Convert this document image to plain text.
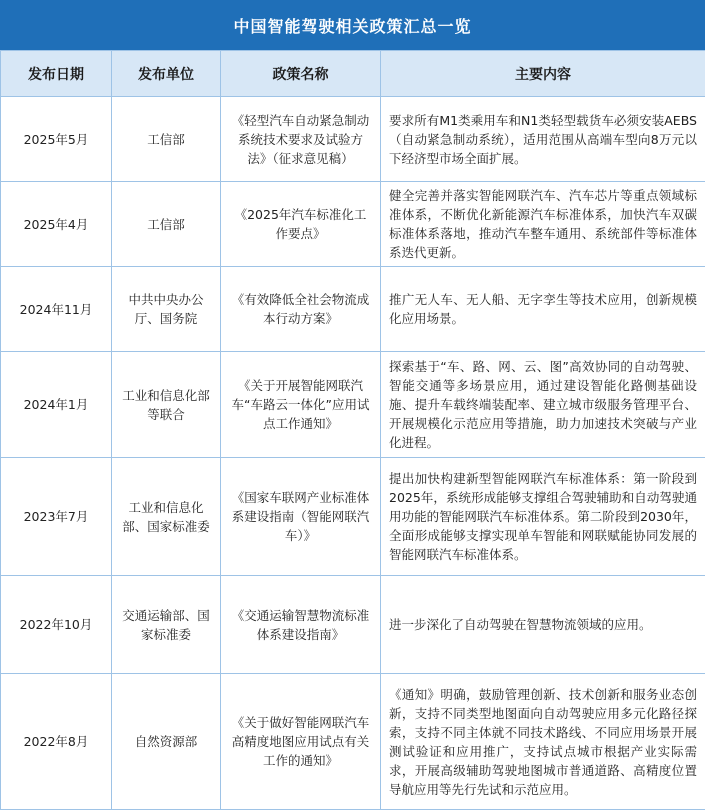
中国智能驾驶相关政策汇总一览
发布日期	发布单位	政策名称	主要内容
2025年5月	工信部	《轻型汽车自动紧急制动系统技术要求及试验方法》（征求意见稿）	要求所有M1类乘用车和N1类轻型载货车必须安装AEBS（自动紧急制动系统），适用范围从高端车型向8万元以下经济型市场全面扩展。
2025年4月	工信部	《2025年汽车标准化工作要点》	健全完善并落实智能网联汽车、汽车芯片等重点领域标准体系，不断优化新能源汽车标准体系，加快汽车双碳标准体系落地，推动汽车整车通用、系统部件等标准体系迭代更新。
2024年11月	中共中央办公厅、国务院	《有效降低全社会物流成本行动方案》	推广无人车、无人船、无字孪生等技术应用，创新规模化应用场景。
2024年1月	工业和信息化部等联合	《关于开展智能网联汽车“车路云一体化”应用试点工作通知》	探索基于“车、路、网、云、图”高效协同的自动驾驶、智能交通等多场景应用，通过建设智能化路侧基础设施、提升车载终端装配率、建立城市级服务管理平台、开展规模化示范应用等措施，助力加速技术突破与产业化进程。
2023年7月	工业和信息化部、国家标准委	《国家车联网产业标准体系建设指南（智能网联汽车）》	提出加快构建新型智能网联汽车标准体系：第一阶段到2025年，系统形成能够支撑组合驾驶辅助和自动驾驶通用功能的智能网联汽车标准体系。第二阶段到2030年，全面形成能够支撑实现单车智能和网联赋能协同发展的智能网联汽车标准体系。
2022年10月	交通运输部、国家标准委	《交通运输智慧物流标准体系建设指南》	进一步深化了自动驾驶在智慧物流领域的应用。
2022年8月	自然资源部	《关于做好智能网联汽车高精度地图应用试点有关工作的通知》	《通知》明确，鼓励管理创新、技术创新和服务业态创新，支持不同类型地图面向自动驾驶应用多元化路径探索，支持不同主体就不同技术路线、不同应用场景开展测试验证和应用推广，支持试点城市根据产业实际需求，开展高级辅助驾驶地图城市普通道路、高精度位置导航应用等先行先试和示范应用。
